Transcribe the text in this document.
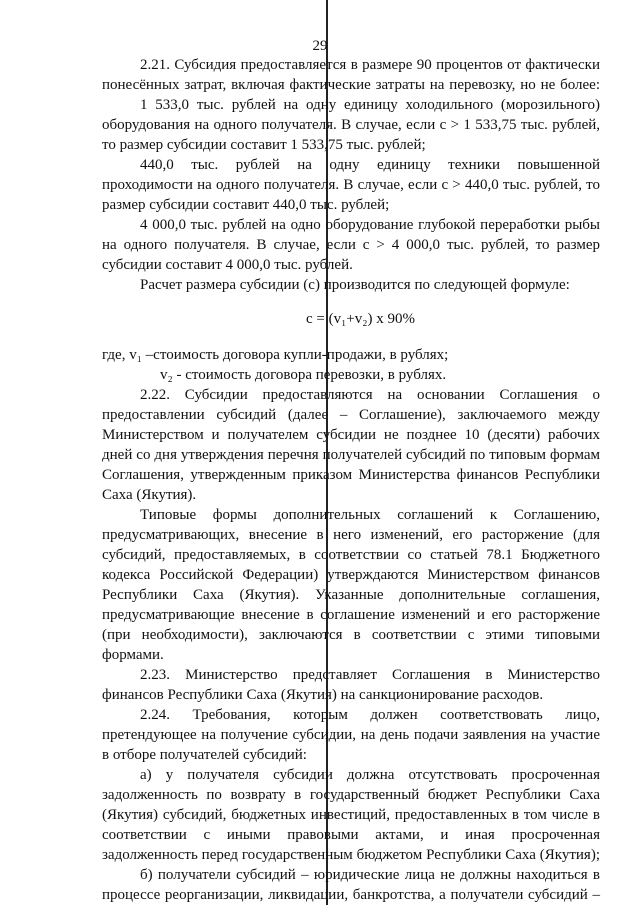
29
2.21. Субсидия предоставляется в размере 90 процентов от фактически
понесённых затрат, включая фактические затраты на перевозку, но не более:
1 533,0 тыс. рублей на одну единицу холодильного (морозильного)
оборудования на одного получателя. В случае, если с > 1 533,75 тыс. рублей,
то размер субсидии составит 1 533,75 тыс. рублей;
440,0 тыс. рублей на одну единицу техники повышенной
проходимости на одного получателя. В случае, если с > 440,0 тыс. рублей, то
размер субсидии составит 440,0 тыс. рублей;
4 000,0 тыс. рублей на одно оборудование глубокой переработки рыбы
на одного получателя. В случае, если с > 4 000,0 тыс. рублей, то размер
субсидии составит 4 000,0 тыс. рублей.
Расчет размера субсидии (с) производится по следующей формуле:
с = (v₁+v₂) х 90%
где, v₁ –стоимость договора купли-продажи, в рублях;
v₂ - стоимость договора перевозки, в рублях.
2.22. Субсидии предоставляются на основании Соглашения о
предоставлении субсидий (далее – Соглашение), заключаемого между
Министерством и получателем субсидии не позднее 10 (десяти) рабочих
дней со дня утверждения перечня получателей субсидий по типовым формам
Соглашения, утвержденным приказом Министерства финансов Республики
Саха (Якутия).
Типовые формы дополнительных соглашений к Соглашению,
предусматривающих, внесение в него изменений, его расторжение (для
субсидий, предоставляемых, в соответствии со статьей 78.1 Бюджетного
кодекса Российской Федерации) утверждаются Министерством финансов
Республики Саха (Якутия). Указанные дополнительные соглашения,
предусматривающие внесение в соглашение изменений и его расторжение
(при необходимости), заключаются в соответствии с этими типовыми
формами.
2.23. Министерство представляет Соглашения в Министерство
финансов Республики Саха (Якутия) на санкционирование расходов.
2.24. Требования, которым должен соответствовать лицо,
претендующее на получение субсидии, на день подачи заявления на участие
в отборе получателей субсидий:
а) у получателя субсидии должна отсутствовать просроченная
задолженность по возврату в государственный бюджет Республики Саха
(Якутия) субсидий, бюджетных инвестиций, предоставленных в том числе в
соответствии с иными правовыми актами, и иная просроченная
задолженность перед государственным бюджетом Республики Саха (Якутия);
б) получатели субсидий – юридические лица не должны находиться в
процессе реорганизации, ликвидации, банкротства, а получатели субсидий –
